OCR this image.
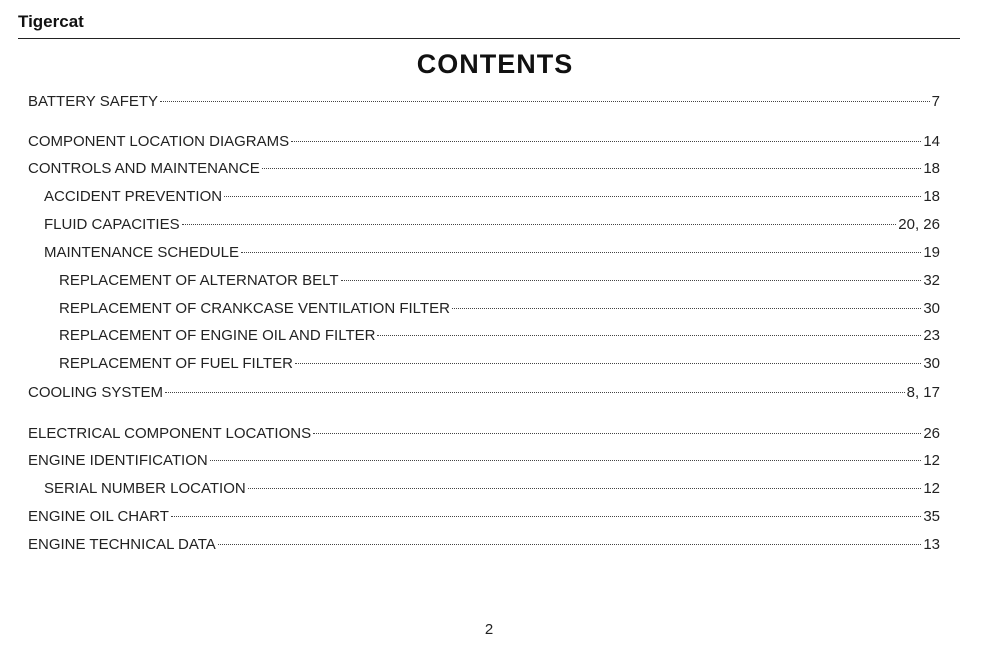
Tigercat
CONTENTS
BATTERY SAFETY	7
COMPONENT LOCATION DIAGRAMS	14
CONTROLS AND MAINTENANCE	18
ACCIDENT PREVENTION	18
FLUID CAPACITIES	20, 26
MAINTENANCE SCHEDULE	19
REPLACEMENT OF ALTERNATOR BELT	32
REPLACEMENT OF CRANKCASE VENTILATION FILTER	30
REPLACEMENT OF ENGINE OIL AND FILTER	23
REPLACEMENT OF FUEL FILTER	30
COOLING SYSTEM	8, 17
ELECTRICAL COMPONENT LOCATIONS	26
ENGINE IDENTIFICATION	12
SERIAL NUMBER LOCATION	12
ENGINE OIL CHART	35
ENGINE TECHNICAL DATA	13
2
